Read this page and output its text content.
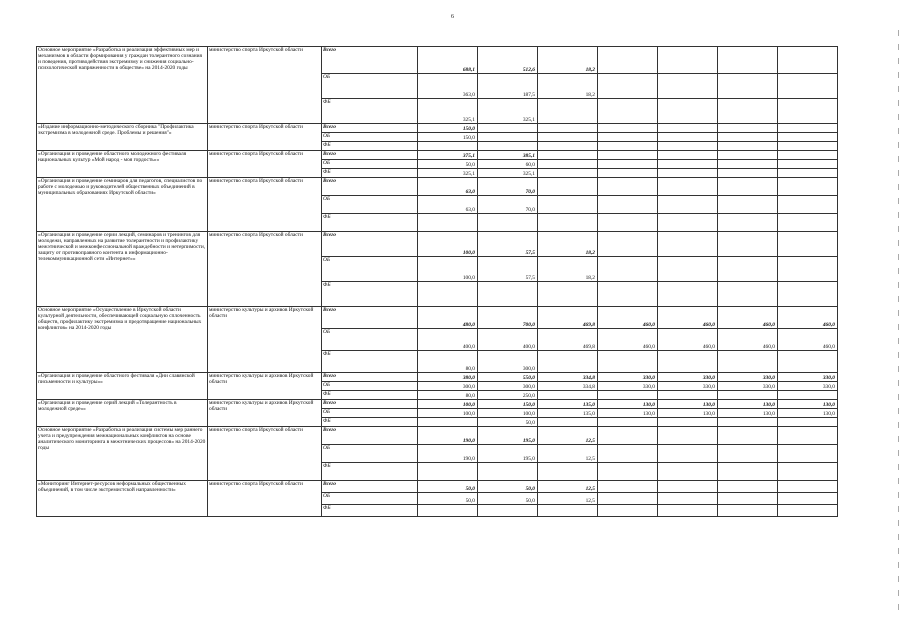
6
Основное мероприятие «Разработка и реализация эффективных мер и механизмов в области формирования у граждан толерантного сознания и поведения, противодействия экстремизму и снижения социально-психологической напряженности в обществе» на 2014-2020 годы	министерство спорта Иркутской области	Всего	688,1	512,6	18,2				
		ОБ	363,0	187,5	18,2				
		ФБ	325,1	325,1					
«Издание информационно-методического сборника "Профилактика экстремизма в молодежной среде. Проблемы и решения"»	министерство спорта Иркутской области	Всего	150,0						
		ОБ	150,0						
		ФБ							
«Организация и проведение областного молодежного фестиваля национальных культур «Мой народ - моя гордость»»	министерство спорта Иркутской области	Всего	375,1	385,1					
		ОБ	50,0	60,0					
		ФБ	325,1	325,1					
«Организация и проведение семинаров для педагогов, специалистов по работе с молодежью и руководителей общественных объединений в муниципальных образованиях Иркутской области»	министерство спорта Иркутской области	Всего	63,0	70,0					
		ОБ	63,0	70,0					
		ФБ							
«Организация и проведение серии лекций, семинаров и тренингов для молодежи, направленных на развитие толерантности и профилактику межэтнической и межконфессиональной враждебности и нетерпимости, защиту от противоправного контента в информационно-телекоммуникационной сети «Интернет»»	министерство спорта Иркутской области	Всего	100,0	57,5	18,2				
		ОБ	100,0	57,5	18,2				
		ФБ							
Основное мероприятие «Осуществление в Иркутской области культурной деятельности, обеспечивающей социальную сплоченность обществ, профилактику экстремизма и предотвращение национальных конфликтов» на 2014-2020 годы	министерство культуры и архивов Иркутской области	Всего	480,0	700,0	469,8	460,0	460,0	460,0	460,0
		ОБ	400,0	400,0	469,8	460,0	460,0	460,0	460,0
		ФБ	80,0	300,0					
«Организация и проведение областного фестиваля «Дни славянской письменности и культуры»»	министерство культуры и архивов Иркутской области	Всего	380,0	550,0	334,8	330,0	330,0	330,0	330,0
		ОБ	300,0	300,0	334,8	330,0	330,0	330,0	330,0
		ФБ	80,0	250,0					
«Организация и проведение серий лекций «Толерантность в молодежной среде»»	министерство культуры и архивов Иркутской области	Всего	100,0	150,0	135,0	130,0	130,0	130,0	130,0
		ОБ	100,0	100,0	135,0	130,0	130,0	130,0	130,0
		ФБ		50,0					
Основное мероприятие «Разработка и реализация системы мер раннего учета и предупреждения межнациональных конфликтов на основе аналитического мониторинга в межэтнических процессов» на 2014-2020 годы	министерство спорта Иркутской области	Всего	190,0	195,0	12,5				
		ОБ	190,0	195,0	12,5				
		ФБ							
«Мониторинг Интернет-ресурсов неформальных общественных объединений, в том числе экстремистской направленности»	министерство спорта Иркутской области	Всего	50,0	50,0	12,5				
		ОБ	50,0	50,0	12,5				
		ФБ							
